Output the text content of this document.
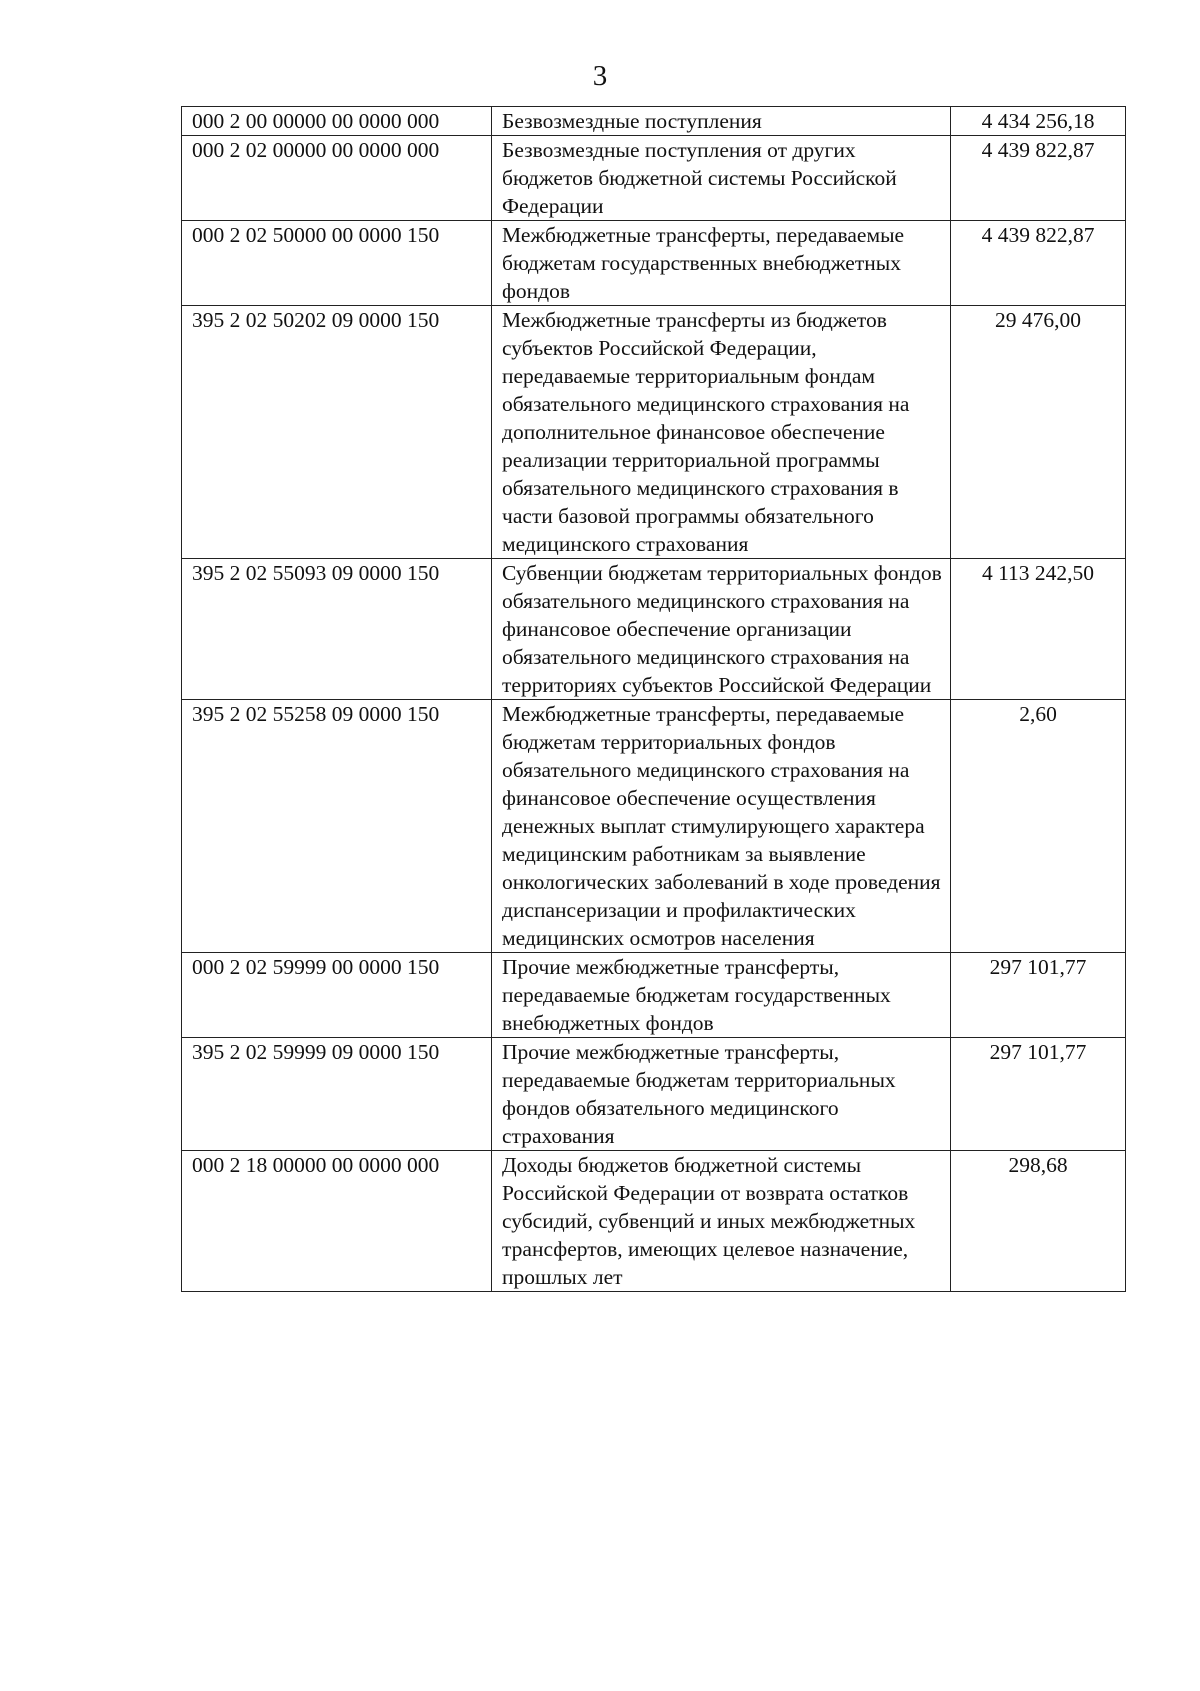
3
000 2 00 00000 00 0000 000	Безвозмездные поступления	4 434 256,18
000 2 02 00000 00 0000 000	Безвозмездные поступления от других бюджетов бюджетной системы Российской Федерации	4 439 822,87
000 2 02 50000 00 0000 150	Межбюджетные трансферты, передаваемые бюджетам государственных внебюджетных фондов	4 439 822,87
395 2 02 50202 09 0000 150	Межбюджетные трансферты из бюджетов субъектов Российской Федерации, передаваемые территориальным фондам обязательного медицинского страхования на дополнительное финансовое обеспечение реализации территориальной программы обязательного медицинского страхования в части базовой программы обязательного медицинского страхования	29 476,00
395 2 02 55093 09 0000 150	Субвенции бюджетам территориальных фондов обязательного медицинского страхования на финансовое обеспечение организации обязательного медицинского страхования на территориях субъектов Российской Федерации	4 113 242,50
395 2 02 55258 09 0000 150	Межбюджетные трансферты, передаваемые бюджетам территориальных фондов обязательного медицинского страхования на финансовое обеспечение осуществления денежных выплат стимулирующего характера медицинским работникам за выявление онкологических заболеваний в ходе проведения диспансеризации и профилактических медицинских осмотров населения	2,60
000 2 02 59999 00 0000 150	Прочие межбюджетные трансферты, передаваемые бюджетам государственных внебюджетных фондов	297 101,77
395 2 02 59999 09 0000 150	Прочие межбюджетные трансферты, передаваемые бюджетам территориальных фондов обязательного медицинского страхования	297 101,77
000 2 18 00000 00 0000 000	Доходы бюджетов бюджетной системы Российской Федерации от возврата остатков субсидий, субвенций и иных межбюджетных трансфертов, имеющих целевое назначение, прошлых лет	298,68
